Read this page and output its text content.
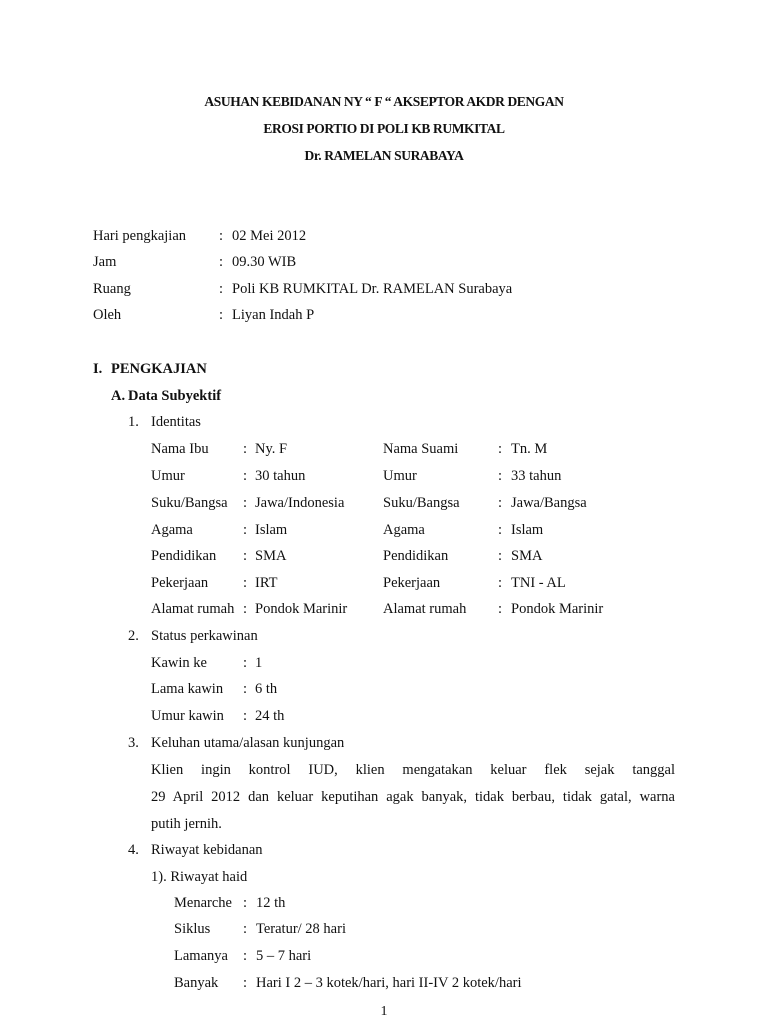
ASUHAN KEBIDANAN NY “ F “ AKSEPTOR AKDR DENGAN
EROSI PORTIO DI POLI KB RUMKITAL
Dr. RAMELAN SURABAYA
Hari pengkajian : 02 Mei 2012
Jam	: 09.30 WIB
Ruang	: Poli KB RUMKITAL Dr. RAMELAN Surabaya
Oleh	: Liyan Indah P
I. PENGKAJIAN
A. Data Subyektif
1. Identitas
Nama Ibu : Ny. F	Nama Suami	: Tn. M
Umur	: 30 tahun	Umur	: 33 tahun
Suku/Bangsa : Jawa/Indonesia	Suku/Bangsa	: Jawa/Bangsa
Agama	: Islam	Agama	: Islam
Pendidikan : SMA	Pendidikan	: SMA
Pekerjaan : IRT	Pekerjaan	: TNI - AL
Alamat rumah : Pondok Marinir Alamat rumah : Pondok Marinir
2. Status perkawinan
Kawin ke : 1
Lama kawin : 6 th
Umur kawin : 24 th
3. Keluhan utama/alasan kunjungan
Klien ingin kontrol IUD, klien mengatakan keluar flek sejak tanggal
29 April 2012 dan keluar keputihan agak banyak, tidak berbau, tidak gatal, warna
putih jernih.
4. Riwayat kebidanan
1). Riwayat haid
Menarche : 12 th
Siklus : Teratur/ 28 hari
Lamanya : 5 – 7 hari
Banyak : Hari I 2 – 3 kotek/hari, hari II-IV 2 kotek/hari
1
